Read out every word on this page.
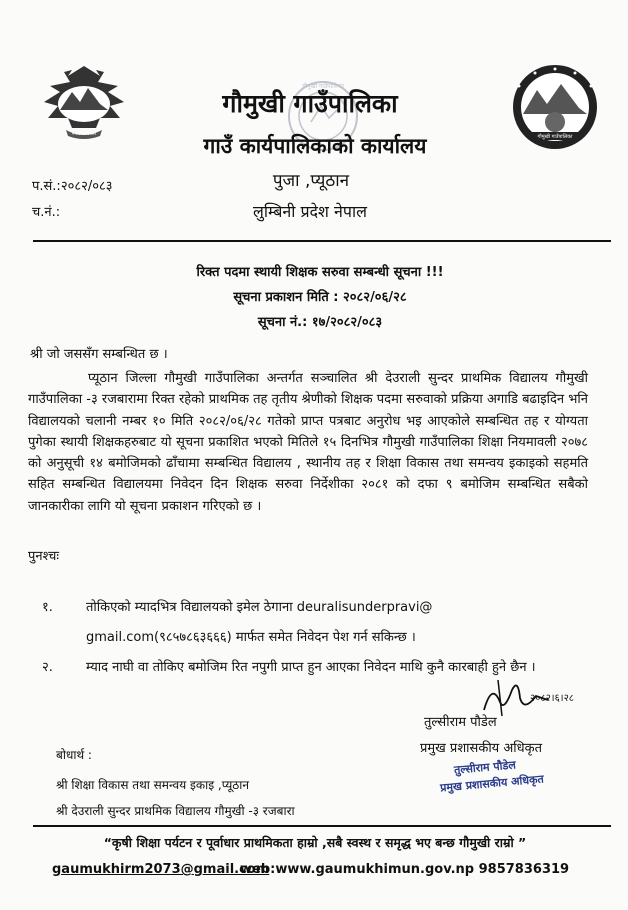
नेपाल सरकार
गौमुखी गाउँपालिका
गौमुखी गाउँपालिका
गौमुखी गाउँपालिका
गाउँ कार्यपालिकाको कार्यालय
पुजा ,प्यूठान
लुम्बिनी प्रदेश नेपाल
प.सं.:२०८२/०८३
च.नं.:
रिक्त पदमा स्थायी शिक्षक सरुवा सम्बन्धी सूचना !!!
सूचना प्रकाशन मिति : २०८२/०६/२८
सूचना नं.: १७/२०८२/०८३
श्री जो जससँग सम्बन्धित छ ।
प्यूठान जिल्ला गौमुखी गाउँपालिका अन्तर्गत सञ्चालित श्री देउराली सुन्दर प्राथमिक विद्यालय गौमुखी गाउँपालिका -३ रजबारामा रिक्त रहेको प्राथमिक तह तृतीय श्रेणीको शिक्षक पदमा सरुवाको प्रक्रिया अगाडि बढाइदिन भनि विद्यालयको चलानी नम्बर १० मिति २०८२/०६/२८ गतेको प्राप्त पत्रबाट अनुरोध भइ आएकोले सम्बन्धित तह र योग्यता पुगेका स्थायी शिक्षकहरुबाट यो सूचना प्रकाशित भएको मितिले १५ दिनभित्र गौमुखी गाउँपालिका शिक्षा नियमावली २०७८ को अनुसूची १४ बमोजिमको ढाँचामा सम्बन्धित विद्यालय , स्थानीय तह र शिक्षा विकास तथा समन्वय इकाइको सहमति सहित सम्बन्धित विद्यालयमा निवेदन दिन शिक्षक सरुवा निर्देशीका २०८१ को दफा ९ बमोजिम सम्बन्धित सबैको जानकारीका लागि यो सूचना प्रकाशन गरिएको छ ।
पुनश्चः
१.	तोकिएको म्यादभित्र विद्यालयको इमेल ठेगाना deuralisunderpravi@
gmail.com(९८५७८६३६६६) मार्फत समेत निवेदन पेश गर्न सकिन्छ ।
२.	म्याद नाघी वा तोकिए बमोजिम रित नपुगी प्राप्त हुन आएका निवेदन माथि कुनै कारबाही हुने छैन ।
२०८२।६।२८
तुल्सीराम पौडेल
प्रमुख प्रशासकीय अधिकृत
तुल्सीराम पौडेल
प्रमुख प्रशासकीय अधिकृत
बोधार्थ :
श्री शिक्षा विकास तथा समन्वय इकाइ ,प्यूठान
श्री देउराली सुन्दर प्राथमिक विद्यालय गौमुखी -३ रजबारा
“कृषी शिक्षा पर्यटन र पूर्वाधार प्राथमिकता हाम्रो ,सबै स्वस्थ र समृद्ध भए बन्छ गौमुखी राम्रो ”
gaumukhirm2073@gmail.com
web:www.gaumukhimun.gov.np 9857836319
